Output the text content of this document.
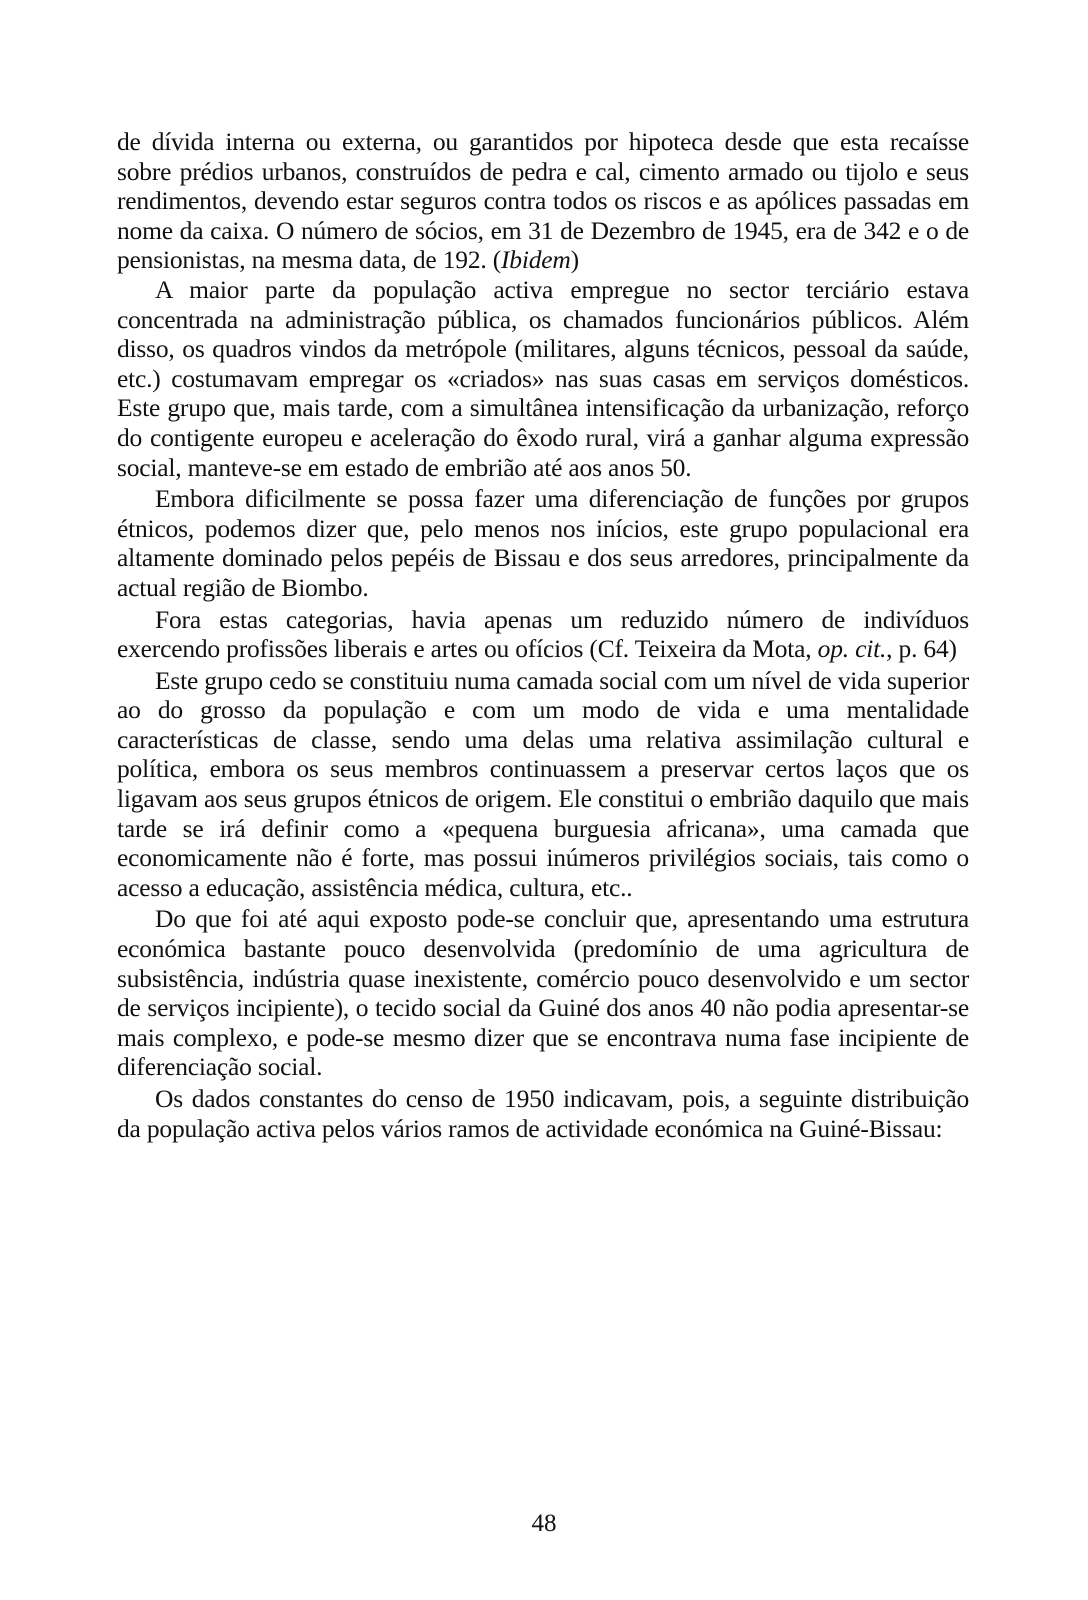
de dívida interna ou externa, ou garantidos por hipoteca desde que esta recaísse sobre prédios urbanos, construídos de pedra e cal, cimento armado ou tijolo e seus rendimentos, devendo estar seguros contra todos os riscos e as apólices passadas em nome da caixa. O número de sócios, em 31 de Dezembro de 1945, era de 342 e o de pensionistas, na mesma data, de 192. (Ibidem)

A maior parte da população activa empregue no sector terciário estava concentrada na administração pública, os chamados funcionários públicos. Além disso, os quadros vindos da metrópole (militares, alguns técnicos, pessoal da saúde, etc.) costumavam empregar os «criados» nas suas casas em serviços domésticos. Este grupo que, mais tarde, com a simultânea intensificação da urbanização, reforço do contigente europeu e aceleração do êxodo rural, virá a ganhar alguma expressão social, manteve-se em estado de embrião até aos anos 50.

Embora dificilmente se possa fazer uma diferenciação de funções por grupos étnicos, podemos dizer que, pelo menos nos inícios, este grupo populacional era altamente dominado pelos pepéis de Bissau e dos seus arredores, principalmente da actual região de Biombo.

Fora estas categorias, havia apenas um reduzido número de indivíduos exercendo profissões liberais e artes ou ofícios (Cf. Teixeira da Mota, op. cit., p. 64)

Este grupo cedo se constituiu numa camada social com um nível de vida superior ao do grosso da população e com um modo de vida e uma mentalidade características de classe, sendo uma delas uma relativa assimilação cultural e política, embora os seus membros continuassem a preservar certos laços que os ligavam aos seus grupos étnicos de origem. Ele constitui o embrião daquilo que mais tarde se irá definir como a «pequena burguesia africana», uma camada que economicamente não é forte, mas possui inúmeros privilégios sociais, tais como o acesso a educação, assistência médica, cultura, etc..

Do que foi até aqui exposto pode-se concluir que, apresentando uma estrutura económica bastante pouco desenvolvida (predomínio de uma agricultura de subsistência, indústria quase inexistente, comércio pouco desenvolvido e um sector de serviços incipiente), o tecido social da Guiné dos anos 40 não podia apresentar-se mais complexo, e pode-se mesmo dizer que se encontrava numa fase incipiente de diferenciação social.

Os dados constantes do censo de 1950 indicavam, pois, a seguinte distribuição da população activa pelos vários ramos de actividade económica na Guiné-Bissau:

48
